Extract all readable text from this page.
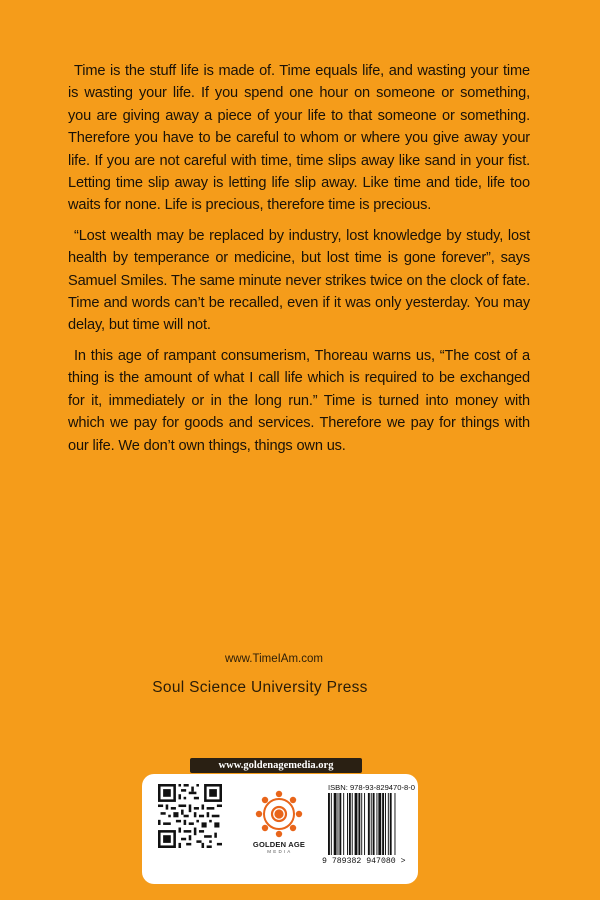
Time is the stuff life is made of. Time equals life, and wasting your time is wasting your life. If you spend one hour on someone or something, you are giving away a piece of your life to that someone or something. Therefore you have to be careful to whom or where you give away your life. If you are not careful with time, time slips away like sand in your fist. Letting time slip away is letting life slip away. Like time and tide, life too waits for none. Life is precious, therefore time is precious.

“Lost wealth may be replaced by industry, lost knowledge by study, lost health by temperance or medicine, but lost time is gone forever”, says Samuel Smiles. The same minute never strikes twice on the clock of fate. Time and words can’t be recalled, even if it was only yesterday. You may delay, but time will not.

In this age of rampant consumerism, Thoreau warns us, “The cost of a thing is the amount of what I call life which is required to be exchanged for it, immediately or in the long run.” Time is turned into money with which we pay for goods and services. Therefore we pay for things with our life. We don’t own things, things own us.

www.TimeIAm.com
Soul Science University Press
www.goldenagemedia.org
GOLDEN AGE
M E D I A
ISBN: 978-93-829470-8-0
9 789382 947080 >
